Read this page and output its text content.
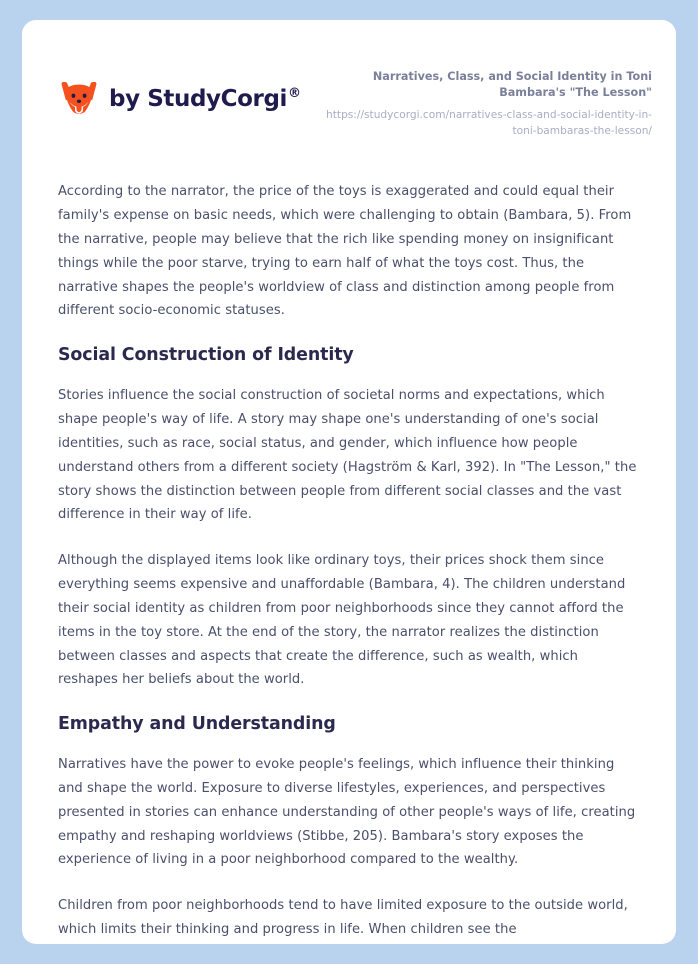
by StudyCorgi®
Narratives, Class, and Social Identity in Toni Bambara's "The Lesson"
https://studycorgi.com/narratives-class-and-social-identity-in-toni-bambaras-the-lesson/

According to the narrator, the price of the toys is exaggerated and could equal their family's expense on basic needs, which were challenging to obtain (Bambara, 5). From the narrative, people may believe that the rich like spending money on insignificant things while the poor starve, trying to earn half of what the toys cost. Thus, the narrative shapes the people's worldview of class and distinction among people from different socio-economic statuses.

Social Construction of Identity

Stories influence the social construction of societal norms and expectations, which shape people's way of life. A story may shape one's understanding of one's social identities, such as race, social status, and gender, which influence how people understand others from a different society (Hagström & Karl, 392). In "The Lesson," the story shows the distinction between people from different social classes and the vast difference in their way of life.

Although the displayed items look like ordinary toys, their prices shock them since everything seems expensive and unaffordable (Bambara, 4). The children understand their social identity as children from poor neighborhoods since they cannot afford the items in the toy store. At the end of the story, the narrator realizes the distinction between classes and aspects that create the difference, such as wealth, which reshapes her beliefs about the world.

Empathy and Understanding

Narratives have the power to evoke people's feelings, which influence their thinking and shape the world. Exposure to diverse lifestyles, experiences, and perspectives presented in stories can enhance understanding of other people's ways of life, creating empathy and reshaping worldviews (Stibbe, 205). Bambara's story exposes the experience of living in a poor neighborhood compared to the wealthy.

Children from poor neighborhoods tend to have limited exposure to the outside world, which limits their thinking and progress in life. When children see the
